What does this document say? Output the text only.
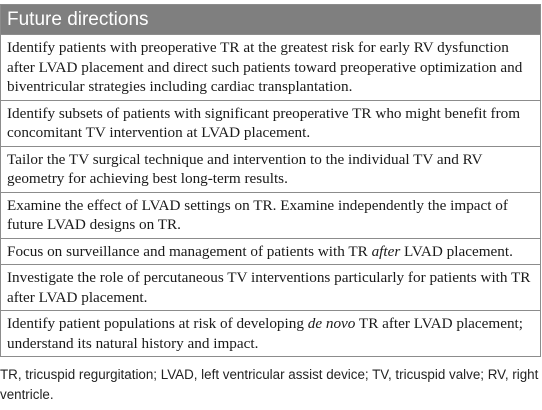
Future directions
Identify patients with preoperative TR at the greatest risk for early RV dysfunction after LVAD placement and direct such patients toward preoperative optimization and biventricular strategies including cardiac transplantation.
Identify subsets of patients with significant preoperative TR who might benefit from concomitant TV intervention at LVAD placement.
Tailor the TV surgical technique and intervention to the individual TV and RV geometry for achieving best long-term results.
Examine the effect of LVAD settings on TR. Examine independently the impact of future LVAD designs on TR.
Focus on surveillance and management of patients with TR after LVAD placement.
Investigate the role of percutaneous TV interventions particularly for patients with TR after LVAD placement.
Identify patient populations at risk of developing de novo TR after LVAD placement; understand its natural history and impact.
TR, tricuspid regurgitation; LVAD, left ventricular assist device; TV, tricuspid valve; RV, right ventricle.
